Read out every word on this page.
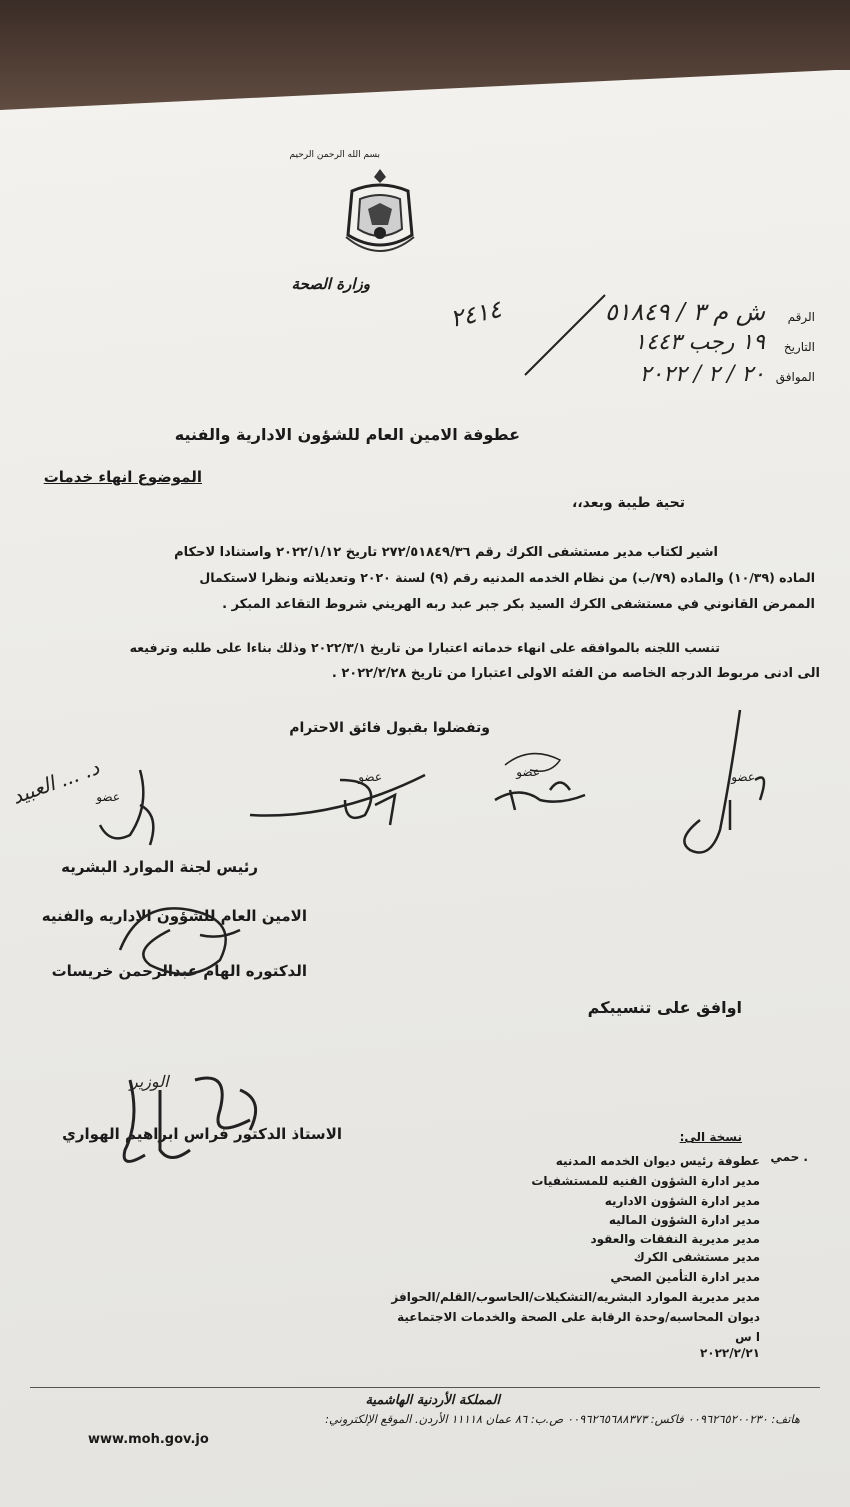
بسم الله الرحمن الرحيم
وزارة الصحة
الرقم
التاريخ
الموافق
ش م ٣ / ٥١٨٤٩
٢٤١٤
١٩ رجب ١٤٤٣
٢٠ / ٢ / ٢٠٢٢
عطوفة الامين العام للشؤون الادارية والفنيه
الموضوع انهاء خدمات
تحية طيبة وبعد،،
اشير لكتاب مدير مستشفى الكرك رقم ٢٧٢/٥١٨٤٩/٣٦ تاريخ ٢٠٢٢/١/١٢ واستنادا لاحكام
الماده (١٠/٣٩) والماده (٧٩/ب) من نظام الخدمه المدنيه رقم (٩) لسنة ٢٠٢٠ وتعديلاته ونظرا لاستكمال
الممرض القانوني في مستشفى الكرك السيد بكر جبر عبد ربه الهريني شروط التقاعد المبكر .
تنسب اللجنه بالموافقه على انهاء خدماته اعتبارا من تاريخ ٢٠٢٢/٣/١ وذلك بناءا على طلبه وترفيعه
الى ادنى مربوط الدرجه الخاصه من الفئه الاولى اعتبارا من تاريخ ٢٠٢٢/٢/٢٨ .
وتفضلوا بقبول فائق الاحترام
عضو
عضو
عضو
عضو
د. ... العبيد
رئيس لجنة الموارد البشريه
الامين العام للشؤون الاداريه والفنيه
الدكتوره الهام عبدالرحمن خريسات
اوافق على تنسيبكم
الاستاذ الدكتور فراس ابراهيم الهواري
الوزير
نسخة الى:
. حمي
عطوفة رئيس ديوان الخدمه المدنيه
مدير ادارة الشؤون الفنيه للمستشفيات
مدير ادارة الشؤون الاداريه
مدير ادارة الشؤون الماليه
مدير مديرية النفقات والعقود
مدير مستشفى الكرك
مدير ادارة التأمين الصحي
مدير مديرية الموارد البشريه/التشكيلات/الحاسوب/القلم/الحوافز
ديوان المحاسبه/وحدة الرقابة على الصحة والخدمات الاجتماعية
ا س
٢٠٢٢/٢/٢١
المملكة الأردنية الهاشمية
هاتف: ٠٠٩٦٢٦٥٢٠٠٢٣٠ فاكس: ٠٠٩٦٢٦٥٦٨٨٣٧٣ ص.ب: ٨٦ عمان ١١١١٨ الأردن. الموقع الإلكتروني:
www.moh.gov.jo
